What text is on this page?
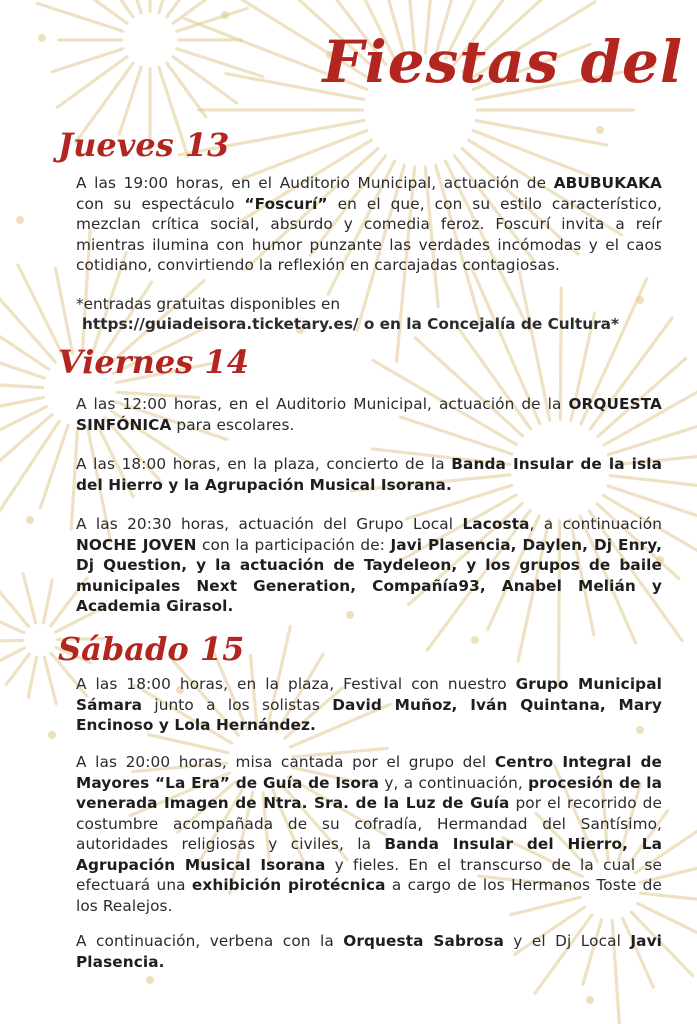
Fiestas del
Jueves 13

A las 19:00 horas, en el Auditorio Municipal, actuación de ABUBUKAKA con su espectáculo “Foscurí” en el que, con su estilo característico, mezclan crítica social, absurdo y comedia feroz. Foscurí invita a reír mientras ilumina con humor punzante las verdades incómodas y el caos cotidiano, convirtiendo la reflexión en carcajadas contagiosas.

*entradas gratuitas disponibles en

https://guiadeisora.ticketary.es/ o en la Concejalía de Cultura*

Viernes 14

A las 12:00 horas, en el Auditorio Municipal, actuación de la ORQUESTA SINFÓNICA para escolares.

A las 18:00 horas, en la plaza, concierto de la Banda Insular de la isla del Hierro y la Agrupación Musical Isorana.

A las 20:30 horas, actuación del Grupo Local Lacosta, a continuación NOCHE JOVEN con la participación de: Javi Plasencia, Daylen, Dj Enry, Dj Question, y la actuación de Taydeleon, y los grupos de baile municipales Next Generation, Compañía93, Anabel Melián y Academia Girasol.

Sábado 15

A las 18:00 horas, en la plaza, Festival con nuestro Grupo Municipal Sámara junto a los solistas David Muñoz, Iván Quintana, Mary Encinoso y Lola Hernández.

A las 20:00 horas, misa cantada por el grupo del Centro Integral de Mayores “La Era” de Guía de Isora y, a continuación, procesión de la venerada Imagen de Ntra. Sra. de la Luz de Guía por el recorrido de costumbre acompañada de su cofradía, Hermandad del Santísimo, autoridades religiosas y civiles, la Banda Insular del Hierro, La Agrupación Musical Isorana y fieles. En el transcurso de la cual se efectuará una exhibición pirotécnica a cargo de los Hermanos Toste de los Realejos.

A continuación, verbena con la Orquesta Sabrosa y el Dj Local Javi Plasencia.
